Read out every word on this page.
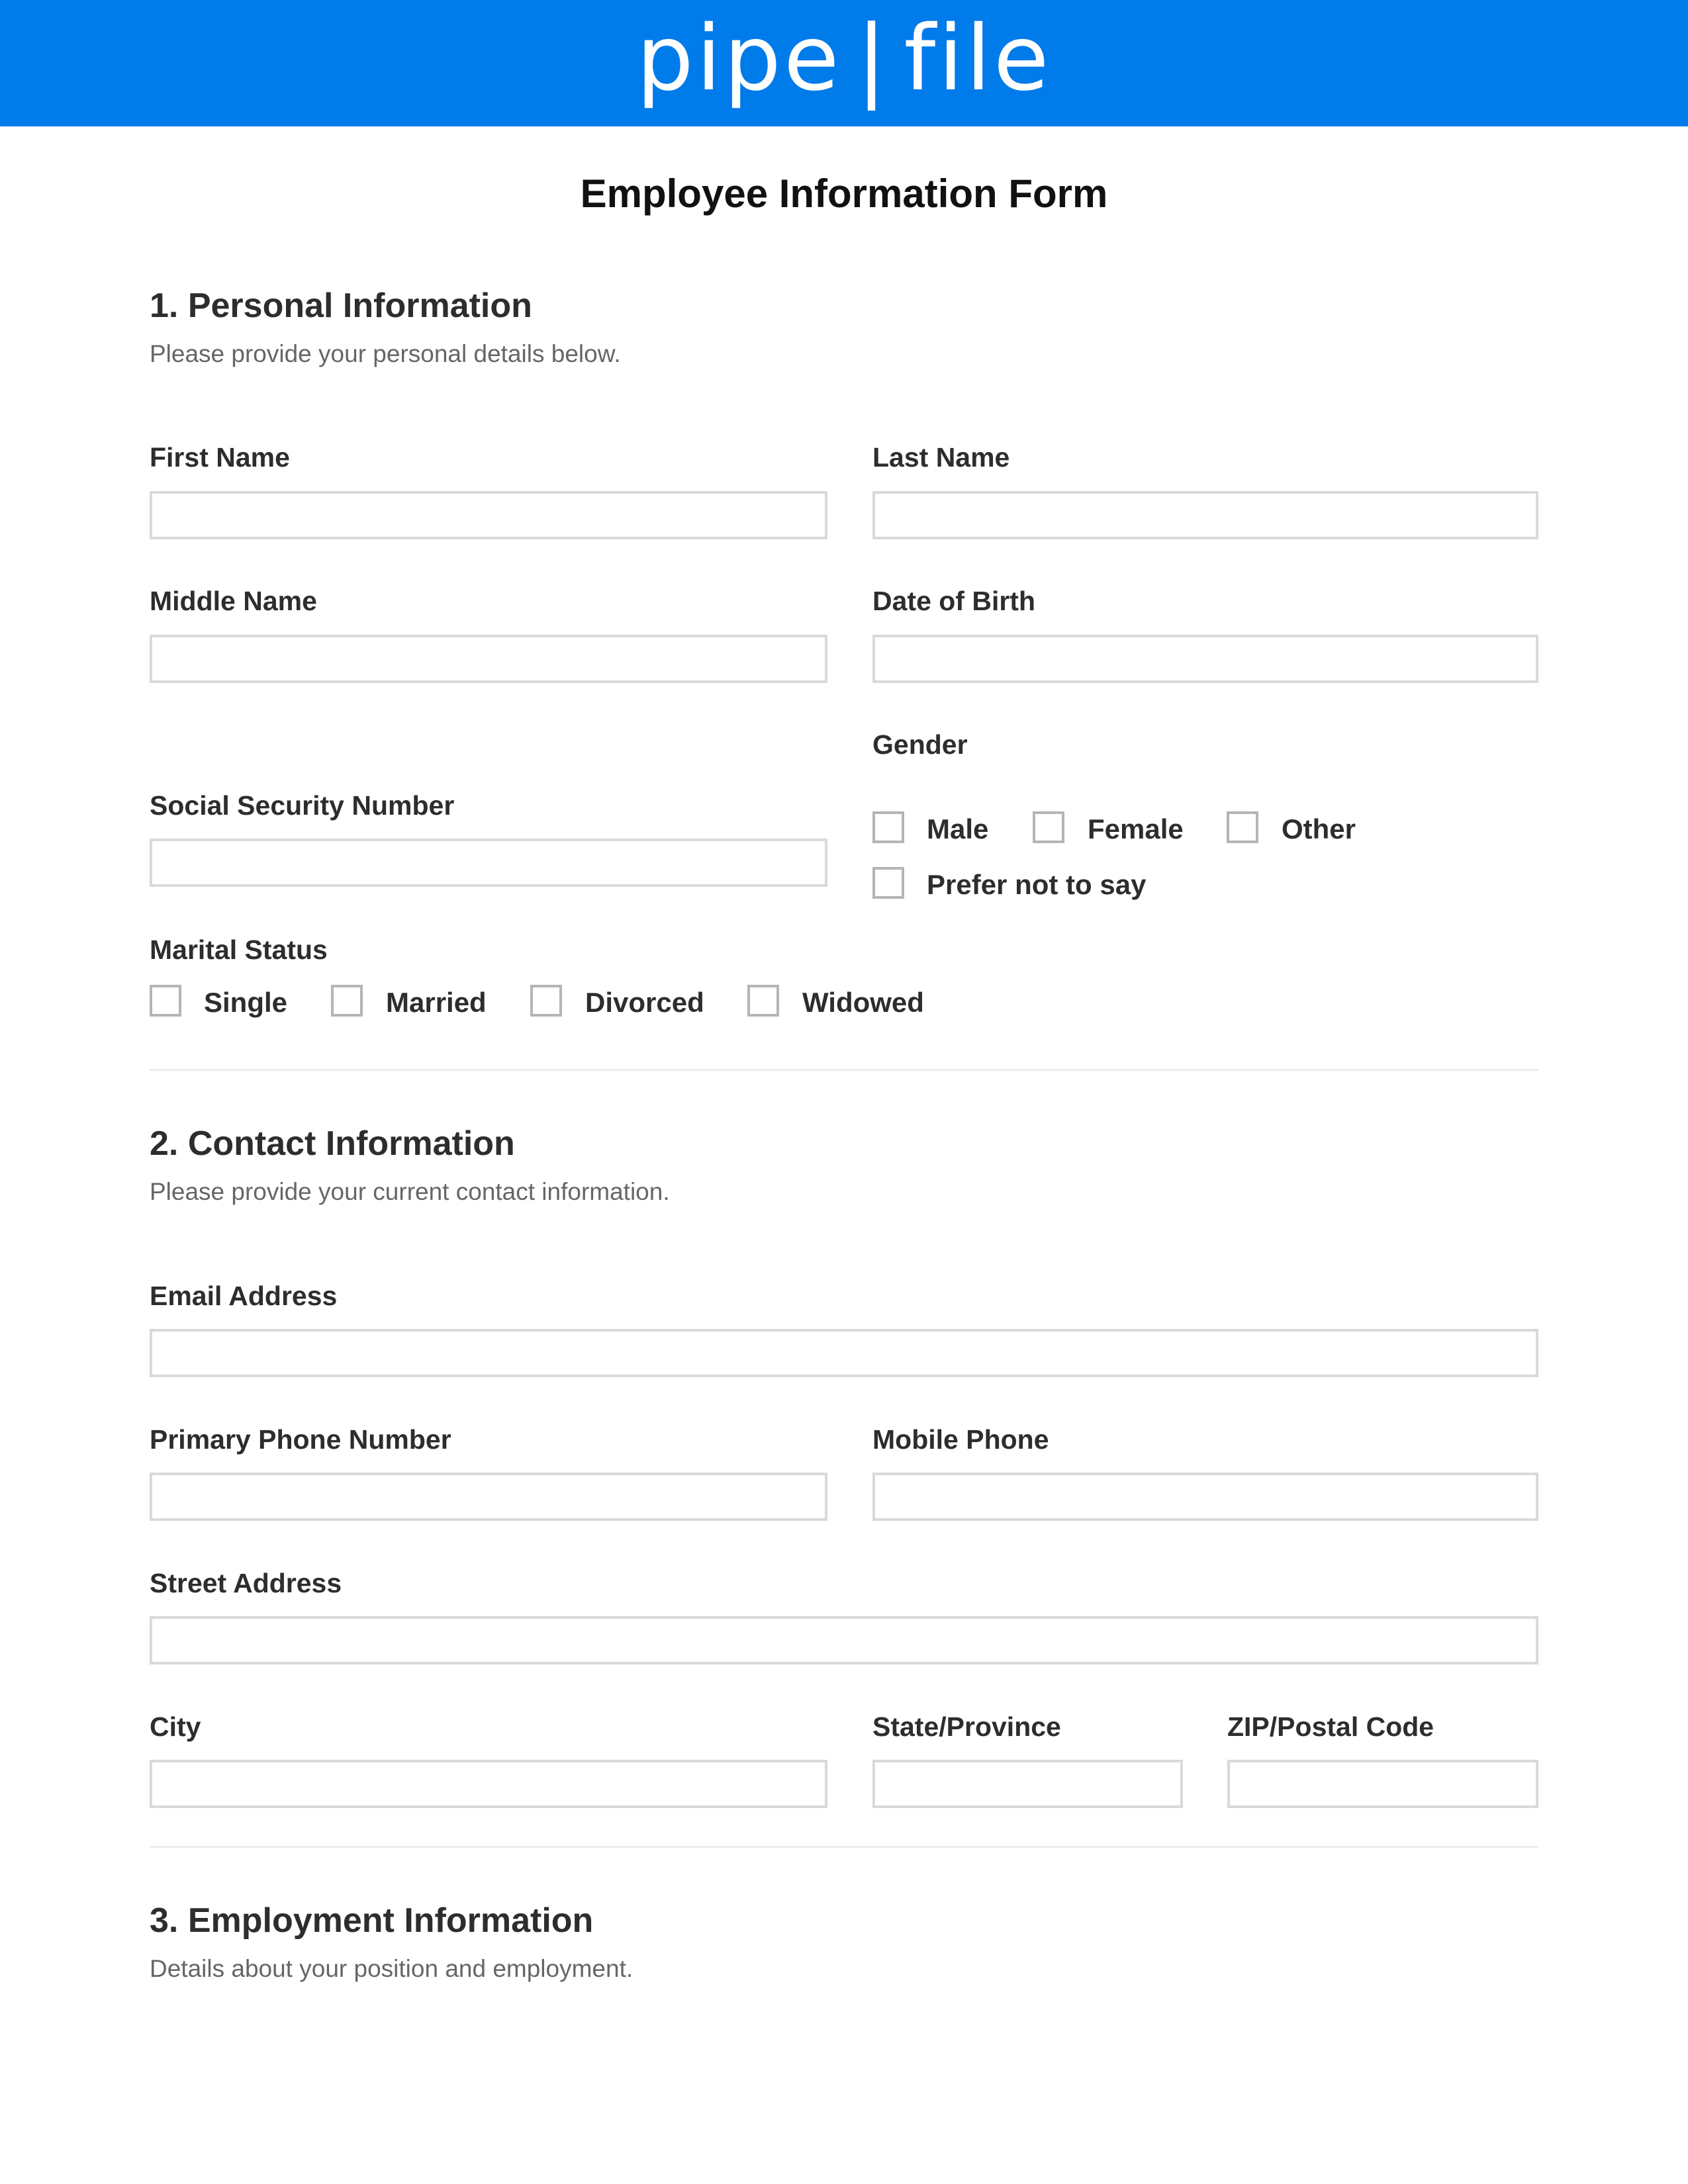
pipe | file
Employee Information Form
1. Personal Information
Please provide your personal details below.
First Name	Last Name
Middle Name	Date of Birth
Gender
Male	Female	Other
Prefer not to say
Social Security Number
Marital Status
Single	Married	Divorced	Widowed
2. Contact Information
Please provide your current contact information.
Email Address
Primary Phone Number	Mobile Phone
Street Address
City	State/Province	ZIP/Postal Code
3. Employment Information
Details about your position and employment.
